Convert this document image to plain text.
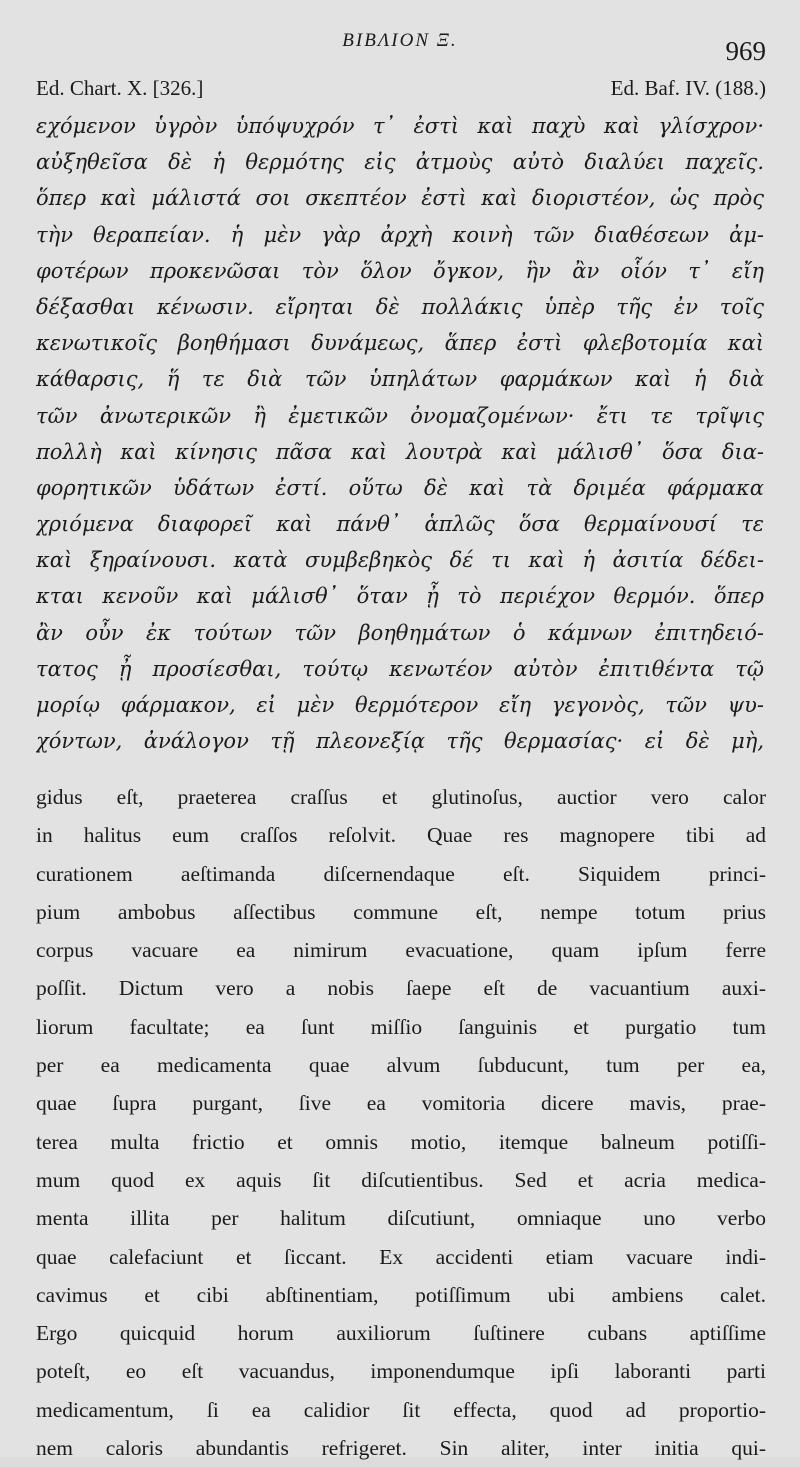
ΒΙΒΛΙΟΝ Ξ.	969
Ed. Chart. X. [326.]	Ed. Baf. IV. (188.)
εχόμενον ὑγρὸν ὑπόψυχρόν τ᾽ ἐστὶ καὶ παχὺ καὶ γλίσχρον·
αὐξηθεῖσα δὲ ἡ θερμότης εἰς ἀτμοὺς αὐτὸ διαλύει παχεῖς.
ὅπερ καὶ μάλιστά σοι σκεπτέον ἐστὶ καὶ διοριστέον, ὡς πρὸς
τὴν θεραπείαν. ἡ μὲν γὰρ ἀρχὴ κοινὴ τῶν διαθέσεων ἀμ-
φοτέρων προκενῶσαι τὸν ὅλον ὄγκον, ἣν ἂν οἷόν τ᾽ εἴη
δέξασθαι κένωσιν. εἴρηται δὲ πολλάκις ὑπὲρ τῆς ἐν τοῖς
κενωτικοῖς βοηθήμασι δυνάμεως, ἅπερ ἐστὶ φλεβοτομία καὶ
κάθαρσις, ἥ τε διὰ τῶν ὑπηλάτων φαρμάκων καὶ ἡ διὰ
τῶν ἀνωτερικῶν ἢ ἐμετικῶν ὀνομαζομένων· ἔτι τε τρῖψις
πολλὴ καὶ κίνησις πᾶσα καὶ λουτρὰ καὶ μάλισθ᾽ ὅσα δια-
φορητικῶν ὑδάτων ἐστί. οὕτω δὲ καὶ τὰ δριμέα φάρμακα
χριόμενα διαφορεῖ καὶ πάνθ᾽ ἁπλῶς ὅσα θερμαίνουσί τε
καὶ ξηραίνουσι. κατὰ συμβεβηκὸς δέ τι καὶ ἡ ἀσιτία δέδει-
κται κενοῦν καὶ μάλισθ᾽ ὅταν ᾖ τὸ περιέχον θερμόν. ὅπερ
ἂν οὖν ἐκ τούτων τῶν βοηθημάτων ὁ κάμνων ἐπιτηδειό-
τατος ᾖ προσίεσθαι, τούτῳ κενωτέον αὐτὸν ἐπιτιθέντα τῷ
μορίῳ φάρμακον, εἰ μὲν θερμότερον εἴη γεγονὸς, τῶν ψυ-
χόντων, ἀνάλογον τῇ πλεονεξίᾳ τῆς θερμασίας· εἰ δὲ μὴ,
gidus eſt, praeterea craſſus et glutinoſus, auctior vero calor
in halitus eum craſſos reſolvit. Quae res magnopere tibi ad
curationem aeſtimanda diſcernendaque eſt. Siquidem princi-
pium ambobus aſſectibus commune eſt, nempe totum prius
corpus vacuare ea nimirum evacuatione, quam ipſum ferre
poſſit. Dictum vero a nobis ſaepe eſt de vacuantium auxi-
liorum facultate; ea ſunt miſſio ſanguinis et purgatio tum
per ea medicamenta quae alvum ſubducunt, tum per ea,
quae ſupra purgant, ſive ea vomitoria dicere mavis, prae-
terea multa frictio et omnis motio, itemque balneum potiſſi-
mum quod ex aquis ſit diſcutientibus. Sed et acria medica-
menta illita per halitum diſcutiunt, omniaque uno verbo
quae calefaciunt et ſiccant. Ex accidenti etiam vacuare indi-
cavimus et cibi abſtinentiam, potiſſimum ubi ambiens calet.
Ergo quicquid horum auxiliorum ſuſtinere cubans aptiſſime
poteſt, eo eſt vacuandus, imponendumque ipſi laboranti parti
medicamentum, ſi ea calidior ſit effecta, quod ad proportio-
nem caloris abundantis refrigeret. Sin aliter, inter initia qui-
